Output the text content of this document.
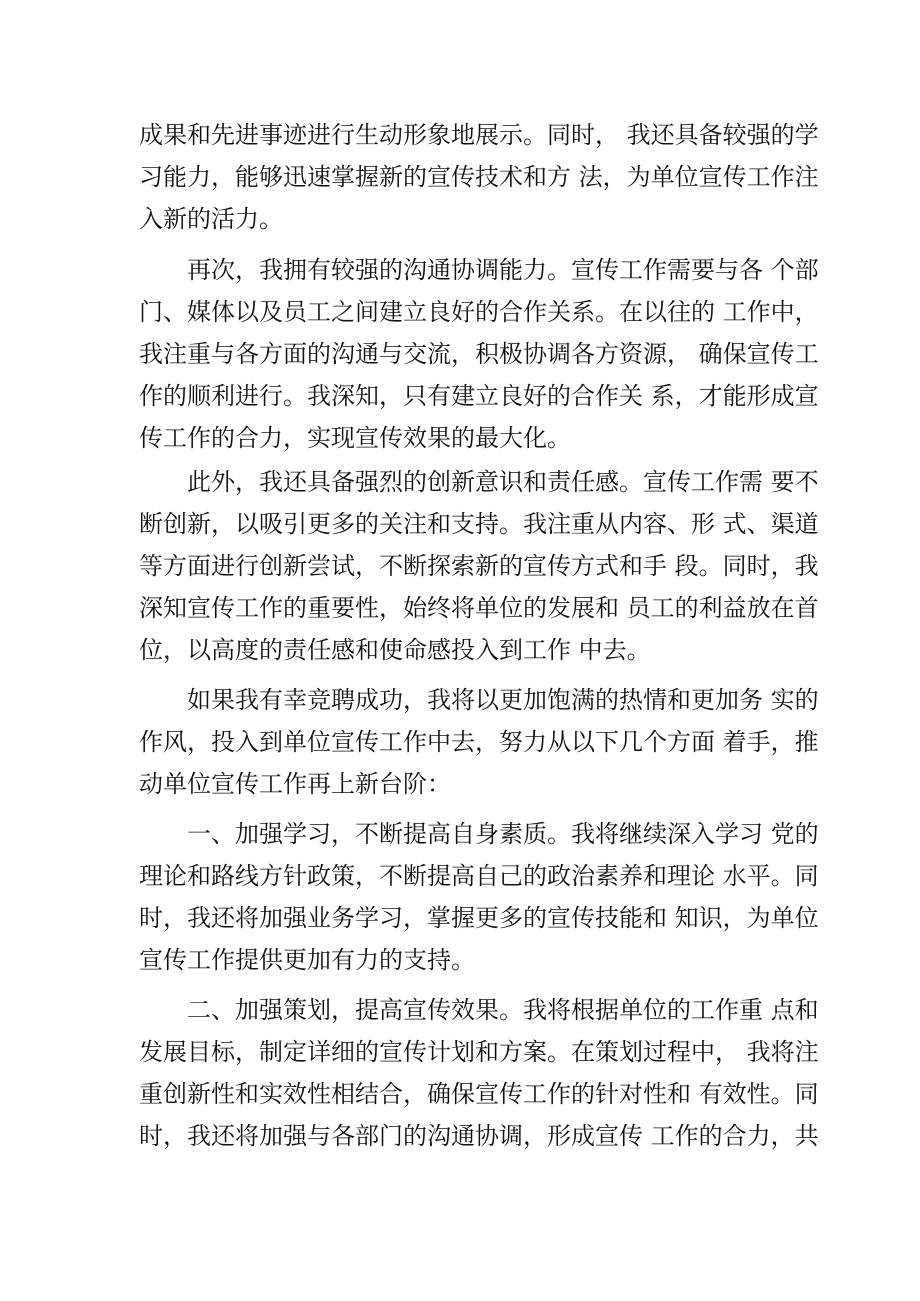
成果和先进事迹进行生动形象地展示。同时， 我还具备较强的学
习能力，能够迅速掌握新的宣传技术和方 法，为单位宣传工作注
入新的活力。
再次，我拥有较强的沟通协调能力。宣传工作需要与各 个部
门、媒体以及员工之间建立良好的合作关系。在以往的 工作中，
我注重与各方面的沟通与交流，积极协调各方资源， 确保宣传工
作的顺利进行。我深知，只有建立良好的合作关 系，才能形成宣
传工作的合力，实现宣传效果的最大化。
此外，我还具备强烈的创新意识和责任感。宣传工作需 要不
断创新，以吸引更多的关注和支持。我注重从内容、形 式、渠道
等方面进行创新尝试，不断探索新的宣传方式和手 段。同时，我
深知宣传工作的重要性，始终将单位的发展和 员工的利益放在首
位，以高度的责任感和使命感投入到工作 中去。
如果我有幸竞聘成功，我将以更加饱满的热情和更加务 实的
作风，投入到单位宣传工作中去，努力从以下几个方面 着手，推
动单位宣传工作再上新台阶：
一、加强学习，不断提高自身素质。我将继续深入学习 党的
理论和路线方针政策，不断提高自己的政治素养和理论 水平。同
时，我还将加强业务学习，掌握更多的宣传技能和 知识，为单位
宣传工作提供更加有力的支持。
二、加强策划，提高宣传效果。我将根据单位的工作重 点和
发展目标，制定详细的宣传计划和方案。在策划过程中， 我将注
重创新性和实效性相结合，确保宣传工作的针对性和 有效性。同
时，我还将加强与各部门的沟通协调，形成宣传 工作的合力，共
